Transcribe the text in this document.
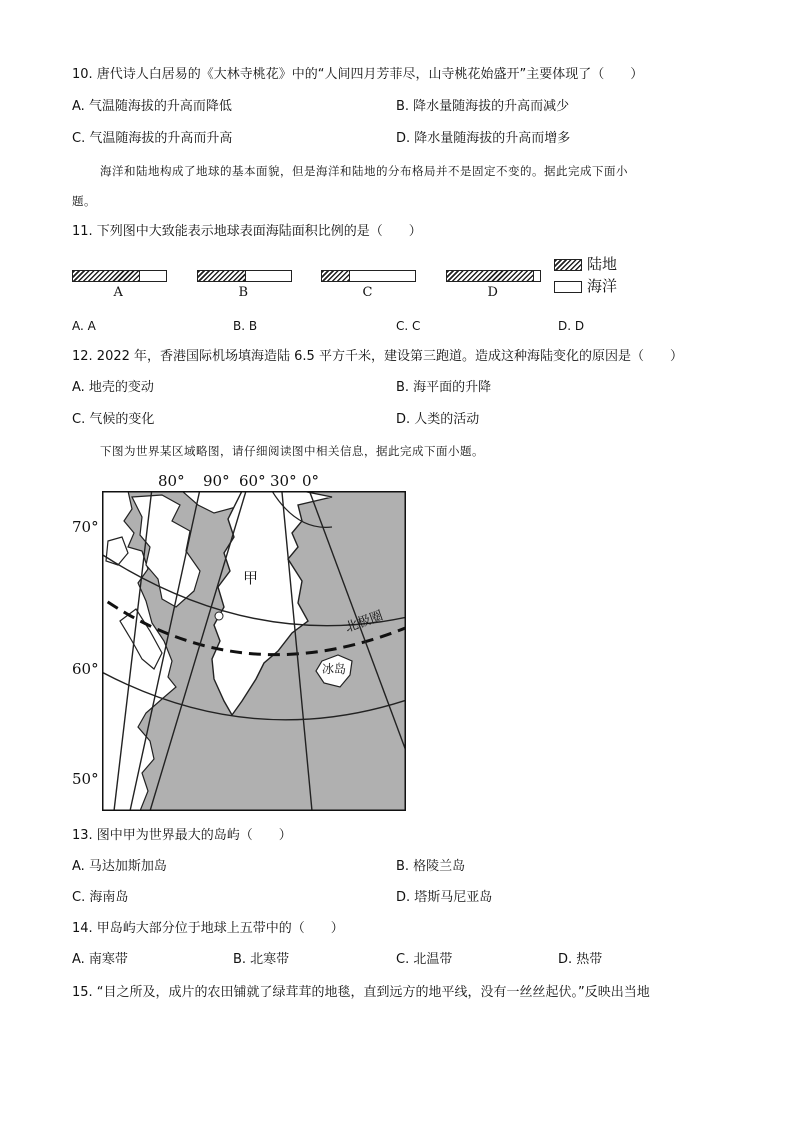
10. 唐代诗人白居易的《大林寺桃花》中的“人间四月芳菲尽，山寺桃花始盛开”主要体现了（　　）
A. 气温随海拔的升高而降低	B. 降水量随海拔的升高而减少
C. 气温随海拔的升高而升高	D. 降水量随海拔的升高而增多
海洋和陆地构成了地球的基本面貌，但是海洋和陆地的分布格局并不是固定不变的。据此完成下面小
题。
11. 下列图中大致能表示地球表面海陆面积比例的是（　　）
A	B	C	D
陆地
海洋
A. A	B. B	C. C	D. D
12. 2022 年，香港国际机场填海造陆 6.5 平方千米，建设第三跑道。造成这种海陆变化的原因是（　　）
A. 地壳的变动	B. 海平面的升降
C. 气候的变化	D. 人类的活动
下图为世界某区域略图，请仔细阅读图中相关信息，据此完成下面小题。
80° 90° 60° 30° 0°
70°
60°
50°
甲
北极圈
冰岛
13. 图中甲为世界最大的岛屿（　　）
A. 马达加斯加岛	B. 格陵兰岛
C. 海南岛	D. 塔斯马尼亚岛
14. 甲岛屿大部分位于地球上五带中的（　　）
A. 南寒带	B. 北寒带	C. 北温带	D. 热带
15. “目之所及，成片的农田铺就了绿茸茸的地毯，直到远方的地平线，没有一丝丝起伏。”反映出当地
